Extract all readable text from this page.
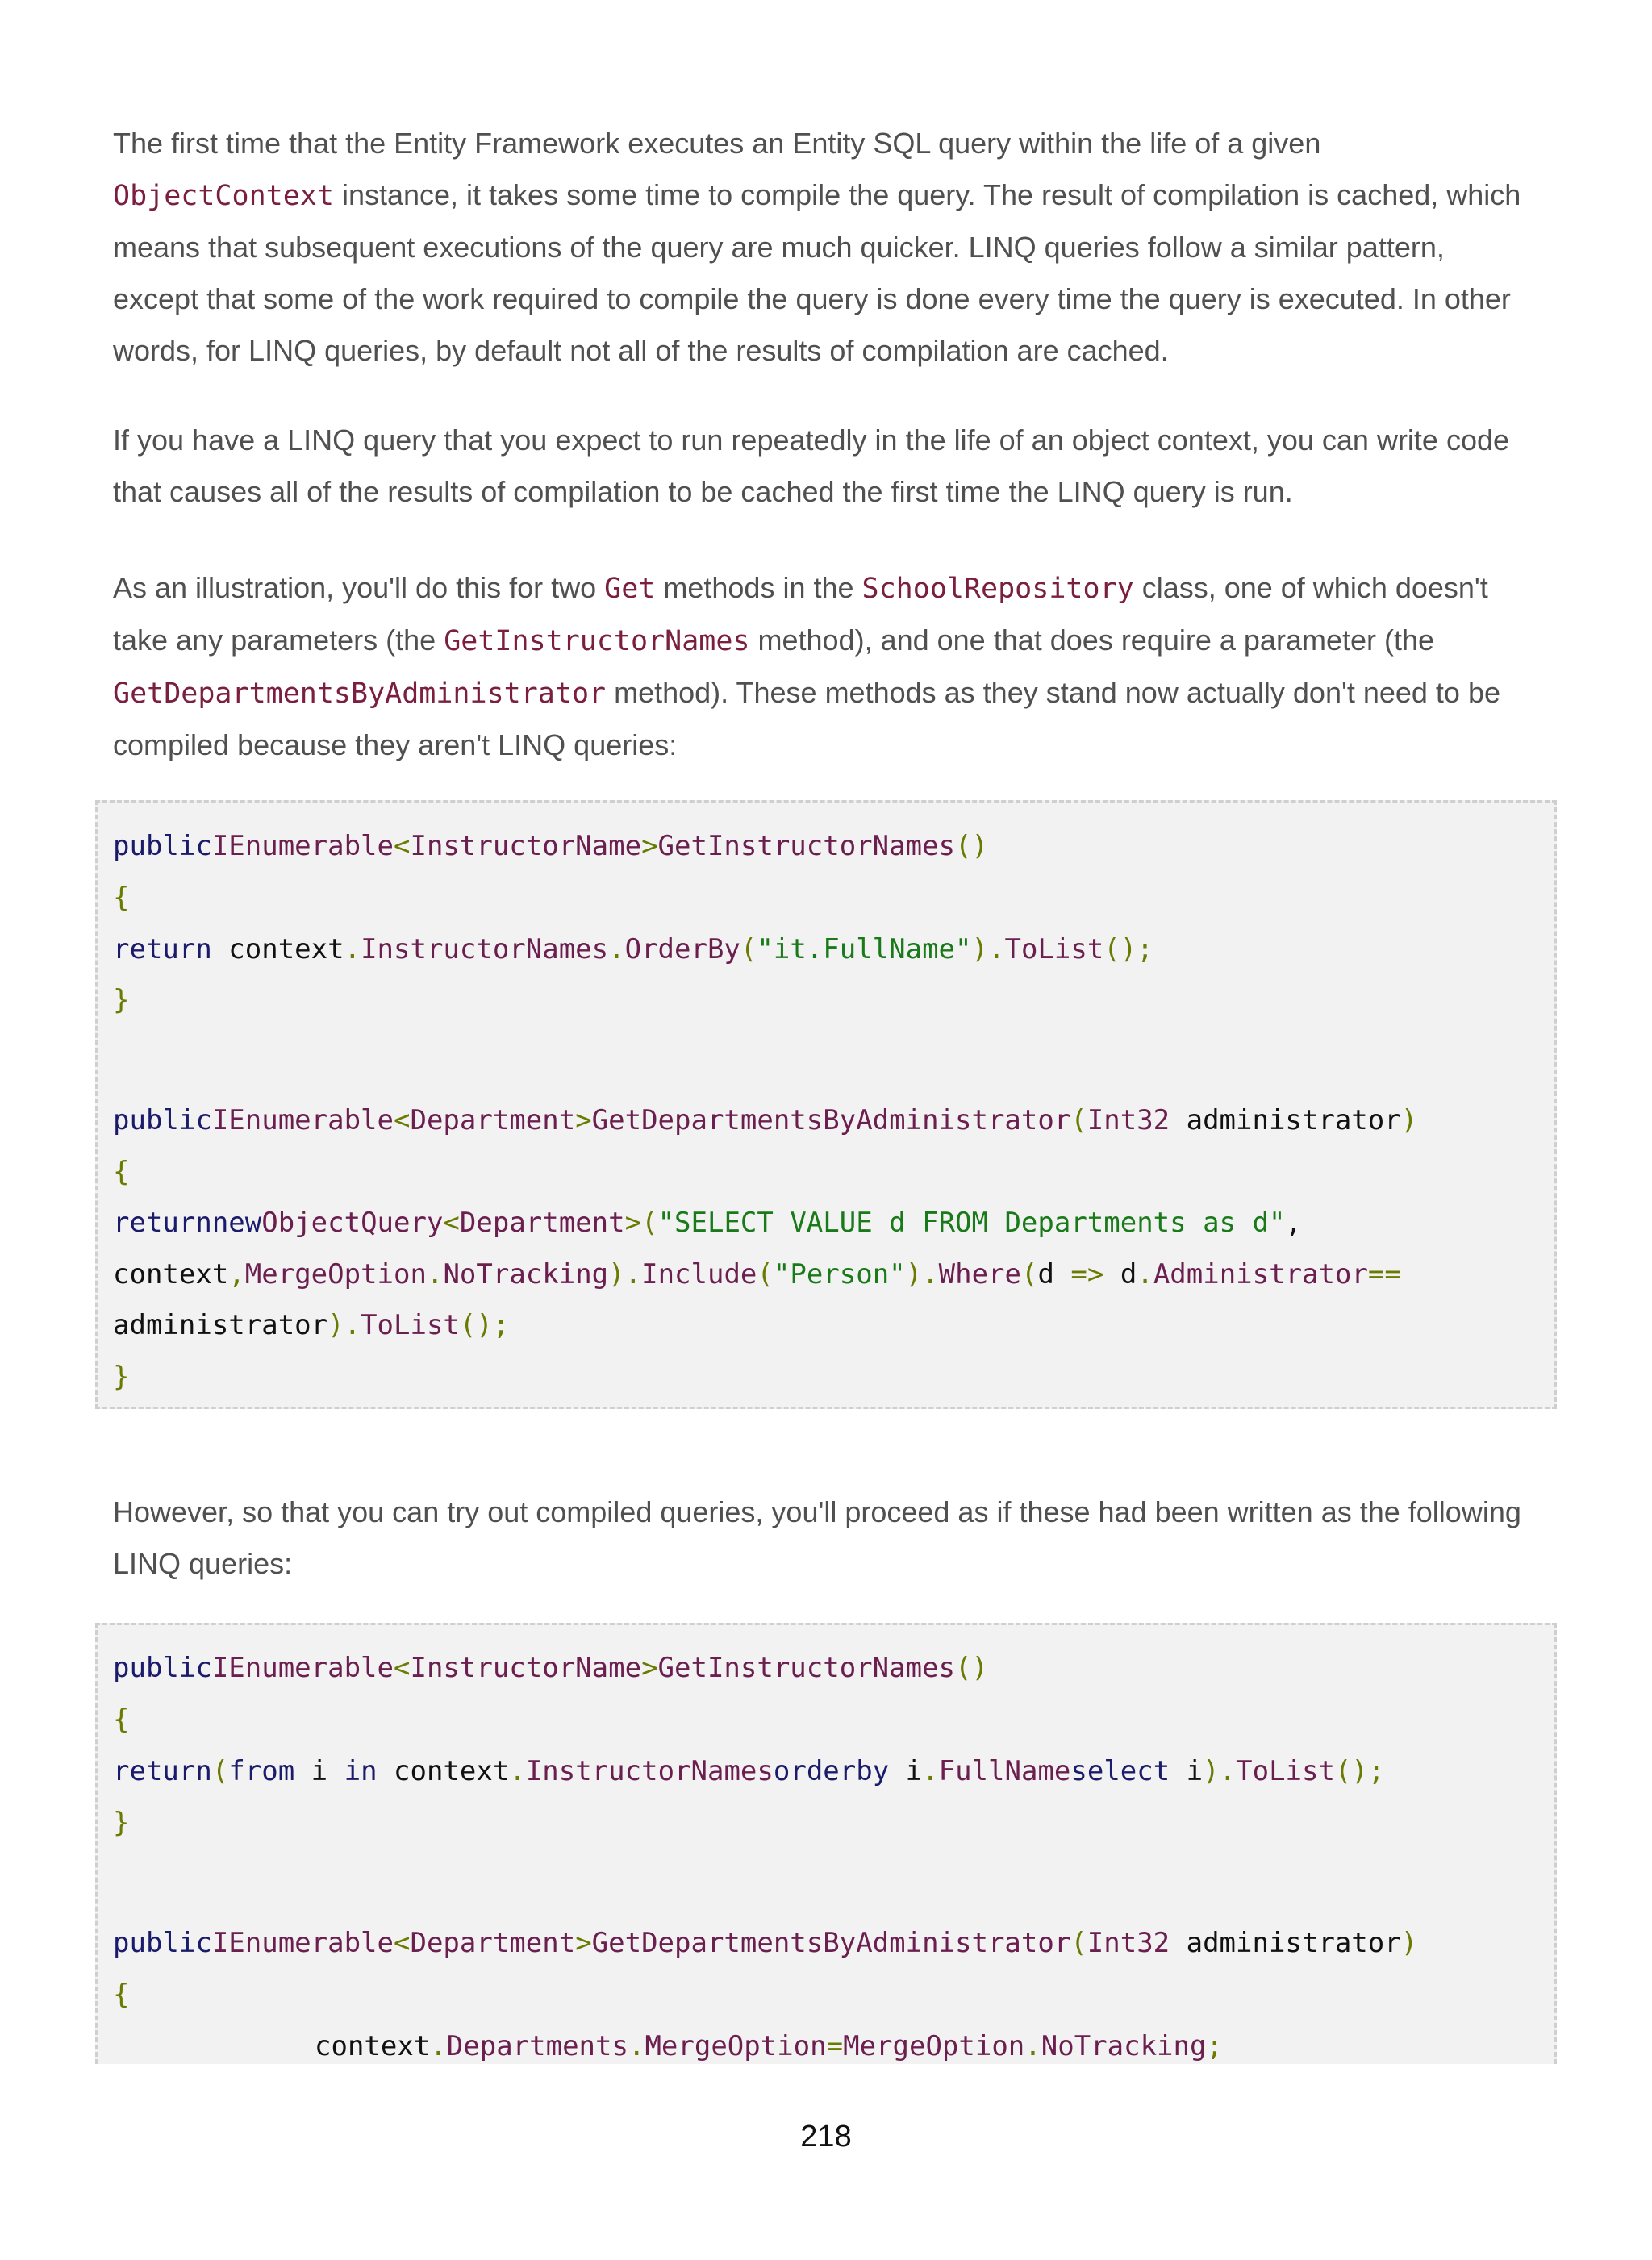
The first time that the Entity Framework executes an Entity SQL query within the life of a given ObjectContext instance, it takes some time to compile the query. The result of compilation is cached, which means that subsequent executions of the query are much quicker. LINQ queries follow a similar pattern, except that some of the work required to compile the query is done every time the query is executed. In other words, for LINQ queries, by default not all of the results of compilation are cached.

If you have a LINQ query that you expect to run repeatedly in the life of an object context, you can write code that causes all of the results of compilation to be cached the first time the LINQ query is run.

As an illustration, you'll do this for two Get methods in the SchoolRepository class, one of which doesn't take any parameters (the GetInstructorNames method), and one that does require a parameter (the GetDepartmentsByAdministrator method). These methods as they stand now actually don't need to be compiled because they aren't LINQ queries:

publicIEnumerable<InstructorName>GetInstructorNames()
{
return context.InstructorNames.OrderBy("it.FullName").ToList();
}
publicIEnumerable<Department>GetDepartmentsByAdministrator(Int32 administrator)
{
returnnewObjectQuery<Department>("SELECT VALUE d FROM Departments as d",
context,MergeOption.NoTracking).Include("Person").Where(d => d.Administrator==
administrator).ToList();
}

However, so that you can try out compiled queries, you'll proceed as if these had been written as the following LINQ queries:

publicIEnumerable<InstructorName>GetInstructorNames()
{
return(from i in context.InstructorNamesorderby i.FullNameselect i).ToList();
}
publicIEnumerable<Department>GetDepartmentsByAdministrator(Int32 administrator)
{
context.Departments.MergeOption=MergeOption.NoTracking;
218
